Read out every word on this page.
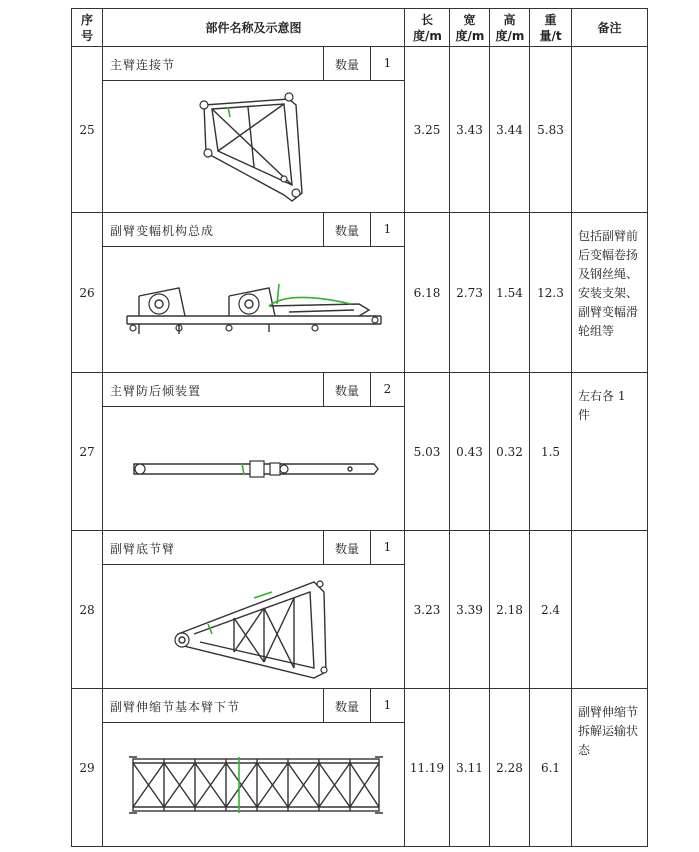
序号	部件名称及示意图	长度/m	宽度/m	高度/m	重量/t	备注
25	主臂连接节 数量 1	3.25	3.43	3.44	5.83	
26	副臂变幅机构总成 数量 1	6.18	2.73	1.54	12.3	包括副臂前后变幅卷扬及钢丝绳、安装支架、副臂变幅滑轮组等
27	主臂防后倾装置 数量 2	5.03	0.43	0.32	1.5	左右各 1 件
28	副臂底节臂 数量 1	3.23	3.39	2.18	2.4	
29	副臂伸缩节基本臂下节 数量 1	11.19	3.11	2.28	6.1	副臂伸缩节拆解运输状态
